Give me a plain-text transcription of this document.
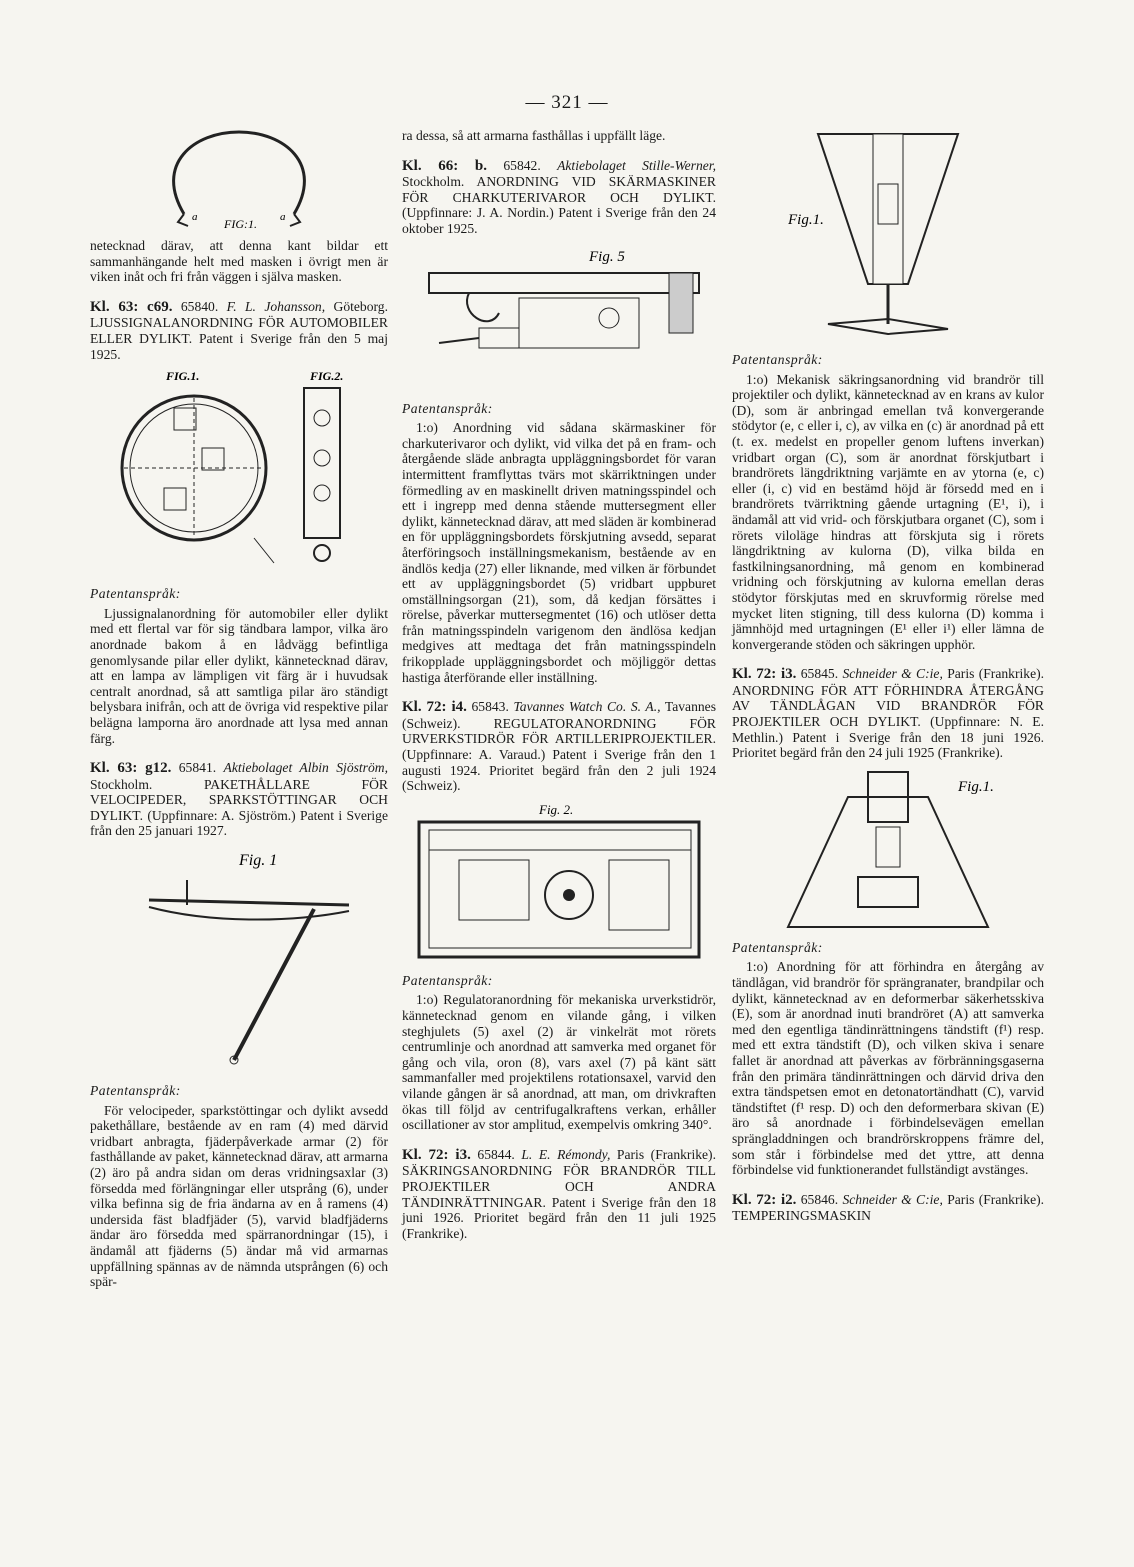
— 321 —
a	a
FIG:1.

netecknad därav, att denna kant bildar ett sammanhängande helt med masken i övrigt men är viken inåt och fri från väggen i själva masken.

Kl. 63: c69. 65840. F. L. Johansson, Göteborg. LJUSSIGNALANORDNING FÖR AUTOMOBILER ELLER DYLIKT. Patent i Sverige från den 5 maj 1925.

FIG.1.	FIG.2.

Patentanspråk:

Ljussignalanordning för automobiler eller dylikt med ett flertal var för sig tändbara lampor, vilka äro anordnade bakom å en lådvägg befintliga genomlysande pilar eller dylikt, kännetecknad därav, att en lampa av lämpligen vit färg är i huvudsak centralt anordnad, så att samtliga pilar äro ständigt belysbara inifrån, och att de övriga vid respektive pilar belägna lamporna äro anordnade att lysa med annan färg.

Kl. 63: g12. 65841. Aktiebolaget Albin Sjöström, Stockholm. PAKETHÅLLARE FÖR VELOCIPEDER, SPARKSTÖTTINGAR OCH DYLIKT. (Uppfinnare: A. Sjöström.) Patent i Sverige från den 25 januari 1927.

Fig. 1

Patentanspråk:

För velocipeder, sparkstöttingar och dylikt avsedd pakethållare, bestående av en ram (4) med därvid vridbart anbragta, fjäderpåverkade armar (2) för fasthållande av paket, kännetecknad därav, att armarna (2) äro på andra sidan om deras vridningsaxlar (3) försedda med förlängningar eller utsprång (6), under vilka befinna sig de fria ändarna av en å ramens (4) undersida fäst bladfjäder (5), varvid bladfjäderns ändar äro försedda med spärranordningar (15), i ändamål att fjäderns (5) ändar må vid armarnas uppfällning spännas av de nämnda utsprången (6) och spär-

ra dessa, så att armarna fasthållas i uppfällt läge.

Kl. 66: b. 65842. Aktiebolaget Stille-Werner, Stockholm. ANORDNING VID SKÄRMASKINER FÖR CHARKUTERIVAROR OCH DYLIKT. (Uppfinnare: J. A. Nordin.) Patent i Sverige från den 24 oktober 1925.

Fig. 5

Patentanspråk:

1:o) Anordning vid sådana skärmaskiner för charkuterivaror och dylikt, vid vilka det på en fram- och återgående släde anbragta uppläggningsbordet för varan intermittent framflyttas tvärs mot skärriktningen under förmedling av en maskinellt driven matningsspindel och ett i ingrepp med denna stående muttersegment eller dylikt, kännetecknad därav, att med släden är kombinerad en för uppläggningsbordets förskjutning avsedd, separat återföringsoch inställningsmekanism, bestående av en ändlös kedja (27) eller liknande, med vilken är förbundet ett av uppläggningsbordet (5) vridbart uppburet omställningsorgan (21), som, då kedjan försättes i rörelse, påverkar muttersegmentet (16) och utlöser detta från matningsspindeln varigenom den ändlösa kedjan medgives att medtaga det från matningsspindeln frikopplade uppläggningsbordet och möjliggör dettas hastiga återförande eller inställning.

Kl. 72: i4. 65843. Tavannes Watch Co. S. A., Tavannes (Schweiz). REGULATORANORDNING FÖR URVERKSTIDRÖR FÖR ARTILLERIPROJEKTILER. (Uppfinnare: A. Varaud.) Patent i Sverige från den 1 augusti 1924. Prioritet begärd från den 2 juli 1924 (Schweiz).

Fig. 2.

Patentanspråk:

1:o) Regulatoranordning för mekaniska urverkstidrör, kännetecknad genom en vilande gång, i vilken steghjulets (5) axel (2) är vinkelrät mot rörets centrumlinje och anordnad att samverka med organet för gång och vila, oron (8), vars axel (7) på känt sätt sammanfaller med projektilens rotationsaxel, varvid den vilande gången är så anordnad, att man, om drivkraften ökas till följd av centrifugalkraftens verkan, erhåller oscillationer av stor amplitud, exempelvis omkring 340°.

Kl. 72: i3. 65844. L. E. Rémondy, Paris (Frankrike). SÄKRINGSANORDNING FÖR BRANDRÖR TILL PROJEKTILER OCH ANDRA TÄNDINRÄTTNINGAR. Patent i Sverige från den 18 juni 1926. Prioritet begärd från den 11 juli 1925 (Frankrike).

Fig.1.

Patentanspråk:

1:o) Mekanisk säkringsanordning vid brandrör till projektiler och dylikt, kännetecknad av en krans av kulor (D), som är anbringad emellan två konvergerande stödytor (e, c eller i, c), av vilka en (c) är anordnad på ett (t. ex. medelst en propeller genom luftens inverkan) vridbart organ (C), som är anordnat förskjutbart i brandrörets längdriktning varjämte en av ytorna (e, c) eller (i, c) vid en bestämd höjd är försedd med en i brandrörets tvärriktning gående urtagning (E¹, i), i ändamål att vid vrid- och förskjutbara organet (C), som i rörets viloläge hindras att förskjuta sig i rörets längdriktning av kulorna (D), vilka bilda en fastkilningsanordning, må genom en kombinerad vridning och förskjutning av kulorna emellan deras stödytor förskjutas med en skruvformig rörelse med mycket liten stigning, till dess kulorna (D) komma i jämnhöjd med urtagningen (E¹ eller i¹) eller lämna de konvergerande stöden och säkringen upphör.

Kl. 72: i3. 65845. Schneider & C:ie, Paris (Frankrike). ANORDNING FÖR ATT FÖRHINDRA ÅTERGÅNG AV TÄNDLÅGAN VID BRANDRÖR FÖR PROJEKTILER OCH DYLIKT. (Uppfinnare: N. E. Methlin.) Patent i Sverige från den 18 juni 1926. Prioritet begärd från den 24 juli 1925 (Frankrike).

Fig.1.

Patentanspråk:

1:o) Anordning för att förhindra en återgång av tändlågan, vid brandrör för sprängranater, brandpilar och dylikt, kännetecknad av en deformerbar säkerhetsskiva (E), som är anordnad inuti brandröret (A) att samverka med den egentliga tändinrättningens tändstift (f¹) resp. med ett extra tändstift (D), och vilken skiva i senare fallet är anordnad att påverkas av förbränningsgaserna från den primära tändinrättningen och därvid driva den extra tändspetsen emot en detonatortändhatt (C), varvid tändstiftet (f¹ resp. D) och den deformerbara skivan (E) äro så anordnade i förbindelsevägen emellan sprängladdningen och brandrörskroppens främre del, som står i förbindelse med det yttre, att denna förbindelse vid funktionerandet fullständigt avstänges.

Kl. 72: i2. 65846. Schneider & C:ie, Paris (Frankrike). TEMPERINGSMASKIN
